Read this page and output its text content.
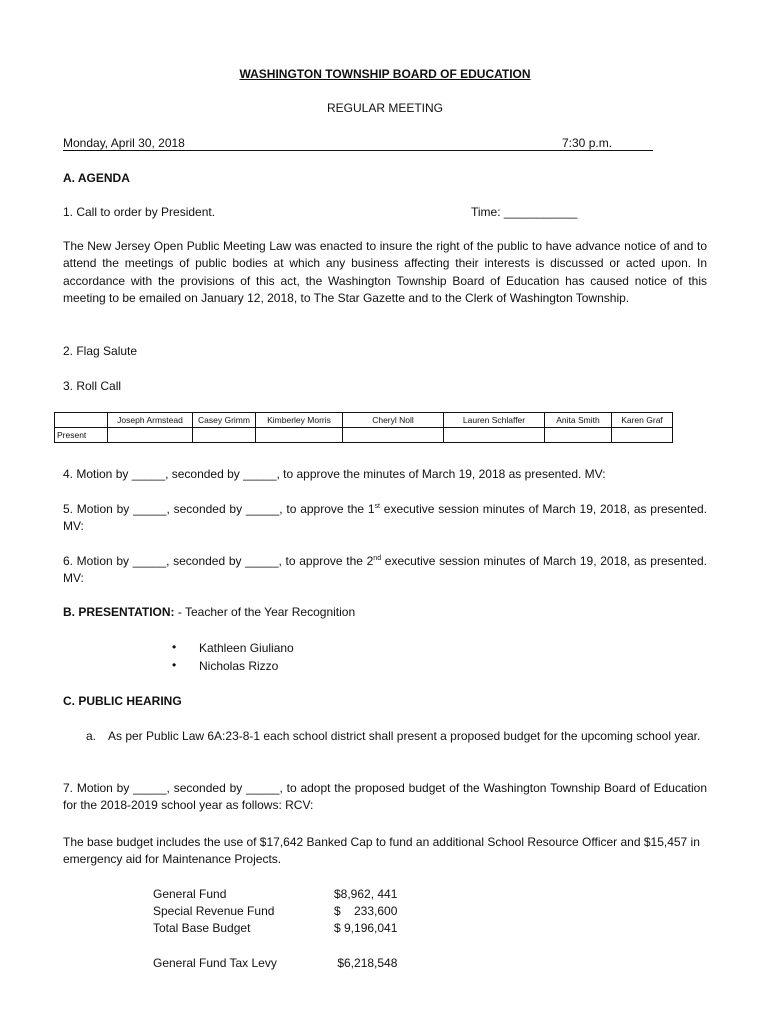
WASHINGTON TOWNSHIP BOARD OF EDUCATION
REGULAR MEETING
Monday, April 30, 2018	7:30 p.m.
A. AGENDA
1. Call to order by President.	Time: ___________
The New Jersey Open Public Meeting Law was enacted to insure the right of the public to have advance notice of and to attend the meetings of public bodies at which any business affecting their interests is discussed or acted upon. In accordance with the provisions of this act, the Washington Township Board of Education has caused notice of this meeting to be emailed on January 12, 2018, to The Star Gazette and to the Clerk of Washington Township.
2. Flag Salute
3. Roll Call
	Joseph Armstead	Casey Grimm	Kimberley Morris	Cheryl Noll	Lauren Schlaffer	Anita Smith	Karen Graf
Present							
4. Motion by _____, seconded by _____, to approve the minutes of March 19, 2018 as presented. MV:
5. Motion by _____, seconded by _____, to approve the 1st executive session minutes of March 19, 2018, as presented. MV:
6. Motion by _____, seconded by _____, to approve the 2nd executive session minutes of March 19, 2018, as presented. MV:
B. PRESENTATION: - Teacher of the Year Recognition
• Kathleen Giuliano
• Nicholas Rizzo
C. PUBLIC HEARING
a. As per Public Law 6A:23-8-1 each school district shall present a proposed budget for the upcoming school year.
7. Motion by _____, seconded by _____, to adopt the proposed budget of the Washington Township Board of Education for the 2018-2019 school year as follows: RCV:
The base budget includes the use of $17,642 Banked Cap to fund an additional School Resource Officer and $15,457 in emergency aid for Maintenance Projects.
General Fund	$8,962, 441
Special Revenue Fund	$    233,600
Total Base Budget	$ 9,196,041
General Fund Tax Levy	$6,218,548
